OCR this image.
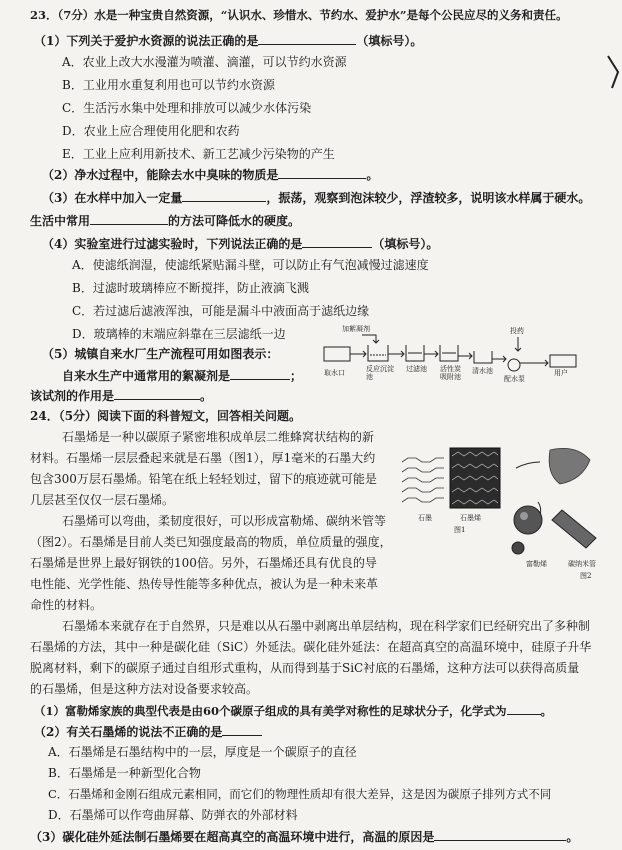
23．（7分）水是一种宝贵自然资源，“认识水、珍惜水、节约水、爱护水”是每个公民应尽的义务和责任。
（1）下列关于爱护水资源的说法正确的是	（填标号）。
A．农业上改大水漫灌为喷灌、滴灌，可以节约水资源
B．工业用水重复利用也可以节约水资源
C．生活污水集中处理和排放可以减少水体污染
D．农业上应合理使用化肥和农药
E．工业上应利用新技术、新工艺减少污染物的产生
（2）净水过程中，能除去水中臭味的物质是	。
（3）在水样中加入一定量	，振荡，观察到泡沫较少，浮渣较多，说明该水样属于硬水。
生活中常用	的方法可降低水的硬度。
（4）实验室进行过滤实验时，下列说法正确的是	（填标号）。
A．使滤纸润湿，使滤纸紧贴漏斗壁，可以防止有气泡减慢过滤速度
B．过滤时玻璃棒应不断搅拌，防止液滴飞溅
C．若过滤后滤液浑浊，可能是漏斗中液面高于滤纸边缘
D．玻璃棒的末端应斜靠在三层滤纸一边
（5）城镇自来水厂生产流程可用如图表示：
自来水生产中通常用的絮凝剂是	；
该试剂的作用是	。
加絮凝剂	投药
取水口	反应沉淀池
过滤池 活性炭吸附池
清水池
配水泵
用户
24．（5分）阅读下面的科普短文，回答相关问题。
石墨烯是一种以碳原子紧密堆积成单层二维蜂窝状结构的新
材料。石墨烯一层层叠起来就是石墨（图1），厚1毫米的石墨大约
包含300万层石墨烯。铅笔在纸上轻轻划过，留下的痕迹就可能是
几层甚至仅仅一层石墨烯。
石墨烯可以弯曲，柔韧度很好，可以形成富勒烯、碳纳米管等
（图2）。石墨烯是目前人类已知强度最高的物质，单位质量的强度，
石墨烯是世界上最好钢铁的100倍。另外，石墨烯还具有优良的导
电性能、光学性能、热传导性能等多种优点，被认为是一种未来革
命性的材料。
石墨	石墨烯
图1
富勒烯	碳纳米管
图2
石墨烯本来就存在于自然界，只是难以从石墨中剥离出单层结构，现在科学家们已经研究出了多种制
石墨烯的方法，其中一种是碳化硅（SiC）外延法。碳化硅外延法：在超高真空的高温环境中，硅原子升华
脱离材料，剩下的碳原子通过自组形式重构，从而得到基于SiC衬底的石墨烯，这种方法可以获得高质量
的石墨烯，但是这种方法对设备要求较高。
（1）富勒烯家族的典型代表是由60个碳原子组成的具有美学对称性的足球状分子，化学式为	。
（2）有关石墨烯的说法不正确的是
A．石墨烯是石墨结构中的一层，厚度是一个碳原子的直径
B．石墨烯是一种新型化合物
C．石墨烯和金刚石组成元素相同，而它们的物理性质却有很大差异，这是因为碳原子排列方式不同
D．石墨烯可以作弯曲屏幕、防弹衣的外部材料
（3）碳化硅外延法制石墨烯要在超高真空的高温环境中进行，高温的原因是	。
